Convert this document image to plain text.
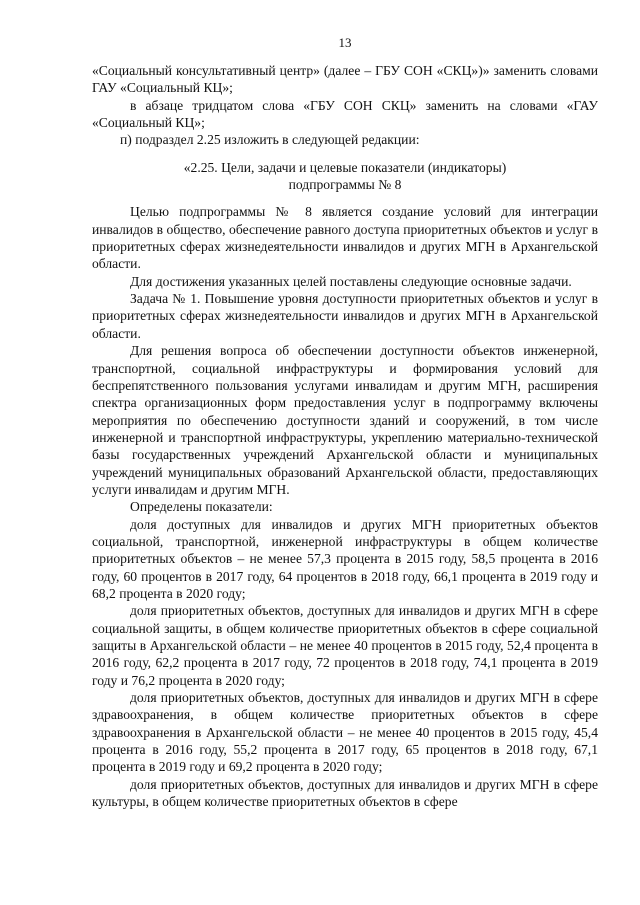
13

«Социальный консультативный центр» (далее – ГБУ СОН «СКЦ»)» заменить словами ГАУ «Социальный КЦ»;

в абзаце тридцатом слова «ГБУ СОН СКЦ» заменить на словами «ГАУ «Социальный КЦ»;

п) подраздел 2.25 изложить в следующей редакции:

«2.25. Цели, задачи и целевые показатели (индикаторы)
подпрограммы № 8

Целью подпрограммы № 8 является создание условий для интеграции инвалидов в общество, обеспечение равного доступа приоритетных объектов и услуг в приоритетных сферах жизнедеятельности инвалидов и других МГН в Архангельской области.

Для достижения указанных целей поставлены следующие основные задачи.

Задача № 1. Повышение уровня доступности приоритетных объектов и услуг в приоритетных сферах жизнедеятельности инвалидов и других МГН в Архангельской области.

Для решения вопроса об обеспечении доступности объектов инженерной, транспортной, социальной инфраструктуры и формирования условий для беспрепятственного пользования услугами инвалидам и другим МГН, расширения спектра организационных форм предоставления услуг в подпрограмму включены мероприятия по обеспечению доступности зданий и сооружений, в том числе инженерной и транспортной инфраструктуры, укреплению материально-технической базы государственных учреждений Архангельской области и муниципальных учреждений муниципальных образований Архангельской области, предоставляющих услуги инвалидам и другим МГН.

Определены показатели:

доля доступных для инвалидов и других МГН приоритетных объектов социальной, транспортной, инженерной инфраструктуры в общем количестве приоритетных объектов – не менее 57,3 процента в 2015 году, 58,5 процента в 2016 году, 60 процентов в 2017 году, 64 процентов в 2018 году, 66,1 процента в 2019 году и 68,2 процента в 2020 году;

доля приоритетных объектов, доступных для инвалидов и других МГН в сфере социальной защиты, в общем количестве приоритетных объектов в сфере социальной защиты в Архангельской области – не менее 40 процентов в 2015 году, 52,4 процента в 2016 году, 62,2 процента в 2017 году, 72 процентов в 2018 году, 74,1 процента в 2019 году и 76,2 процента в 2020 году;

доля приоритетных объектов, доступных для инвалидов и других МГН в сфере здравоохранения, в общем количестве приоритетных объектов в сфере здравоохранения в Архангельской области – не менее 40 процентов в 2015 году, 45,4 процента в 2016 году, 55,2 процента в 2017 году, 65 процентов в 2018 году, 67,1 процента в 2019 году и 69,2 процента в 2020 году;

доля приоритетных объектов, доступных для инвалидов и других МГН в сфере культуры, в общем количестве приоритетных объектов в сфере
